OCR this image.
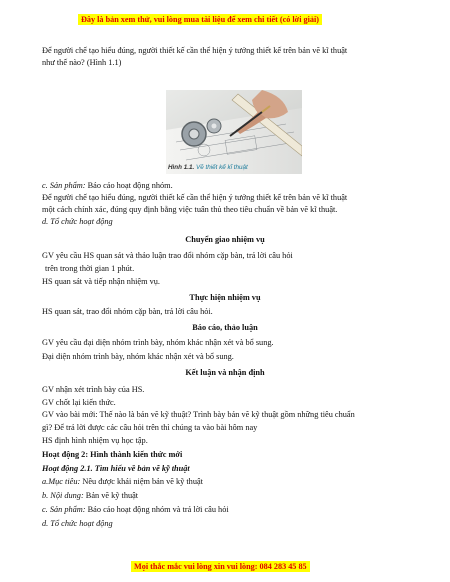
Đây là bản xem thử, vui lòng mua tài liệu để xem chi tiết (có lời giải)
Để người chế tạo hiểu đúng, người thiết kế cần thể hiện ý tưởng thiết kế trên bản vẽ kĩ thuật
như thế nào? (Hình 1.1)
Hình 1.1. Vẽ thiết kế kĩ thuật
c. Sản phẩm: Báo cáo hoạt động nhóm.
Để người chế tạo hiểu đúng, người thiết kế cần thể hiện ý tưởng thiết kế trên bản vẽ kĩ thuật
một cách chính xác, đúng quy định bằng việc tuân thủ theo tiêu chuẩn về bản vẽ kĩ thuật.
d. Tổ chức hoạt động
Chuyển giao nhiệm vụ
GV yêu cầu HS quan sát và thảo luận trao đổi nhóm cặp bàn, trả lời câu hỏi
trên trong thời gian 1 phút.
HS quan sát và tiếp nhận nhiệm vụ.
Thực hiện nhiệm vụ
HS quan sát, trao đổi nhóm cặp bàn, trả lời câu hỏi.
Báo cáo, thảo luận
GV yêu cầu đại diện nhóm trình bày, nhóm khác nhận xét và bổ sung.
Đại diện nhóm trình bày, nhóm khác nhận xét và bổ sung.
Kết luận và nhận định
GV nhận xét trình bày của HS.
GV chốt lại kiến thức.
GV vào bài mới: Thế nào là bản vẽ kỹ thuật? Trình bày bản vẽ kỹ thuật gồm những tiêu chuẩn
gì? Để trả lời được các câu hỏi trên thì chúng ta vào bài hôm nay
HS định hình nhiệm vụ học tập.
Hoạt động 2: Hình thành kiến thức mới
Hoạt động 2.1. Tìm hiểu về bản vẽ kỹ thuật
a.Mục tiêu: Nêu được khái niệm bản vẽ kỹ thuật
b. Nội dung: Bản vẽ kỹ thuật
c. Sản phẩm: Báo cáo hoạt động nhóm và trả lời câu hỏi
d. Tổ chức hoạt động
Mọi thắc mắc vui lòng xin vui lòng: 084 283 45 85
